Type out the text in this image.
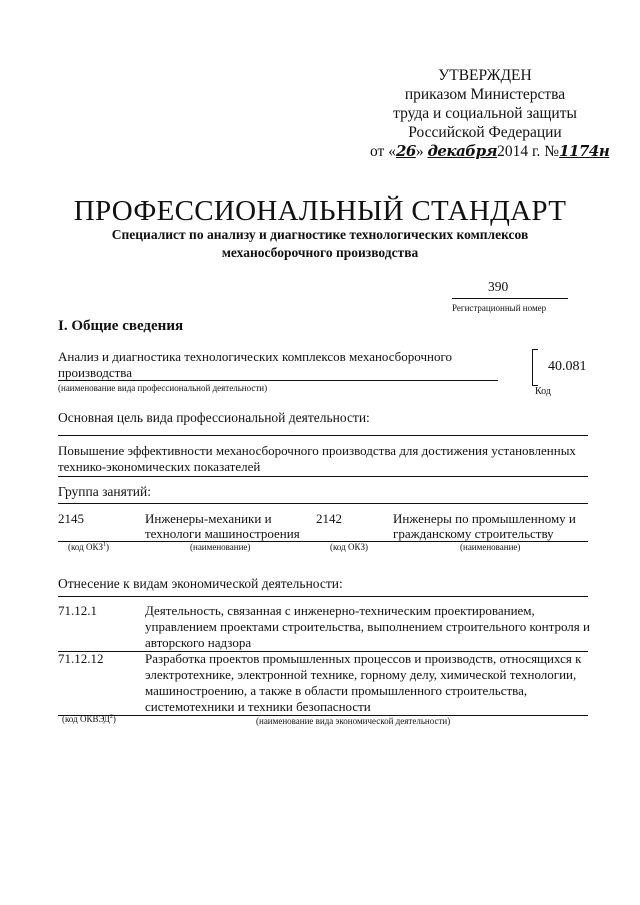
УТВЕРЖДЕН
приказом Министерства
труда и социальной защиты
Российской Федерации
от «26» декабря2014 г. №1174н
ПРОФЕССИОНАЛЬНЫЙ СТАНДАРТ
Специалист по анализу и диагностике технологических комплексов
механосборочного производства
390
Регистрационный номер
I. Общие сведения
Анализ и диагностика технологических комплексов механосборочного
производства
(наименование вида профессиональной деятельности)
40.081
Код
Основная цель вида профессиональной деятельности:
Повышение эффективности механосборочного производства для достижения установленных
технико-экономических показателей
Группа занятий:
2145	Инженеры-механики и
технологи машиностроения
2142	Инженеры по промышленному и
гражданскому строительству
(код ОКЗ$^1$)	(наименование)	(код ОКЗ)	(наименование)
Отнесение к видам экономической деятельности:
71.12.1	Деятельность, связанная с инженерно-техническим проектированием,
управлением проектами строительства, выполнением строительного контроля и
авторского надзора
71.12.12	Разработка проектов промышленных процессов и производств, относящихся к
электротехнике, электронной технике, горному делу, химической технологии,
машиностроению, а также в области промышленного строительства,
системотехники и техники безопасности
(код ОКВЭД$^2$)	(наименование вида экономической деятельности)
